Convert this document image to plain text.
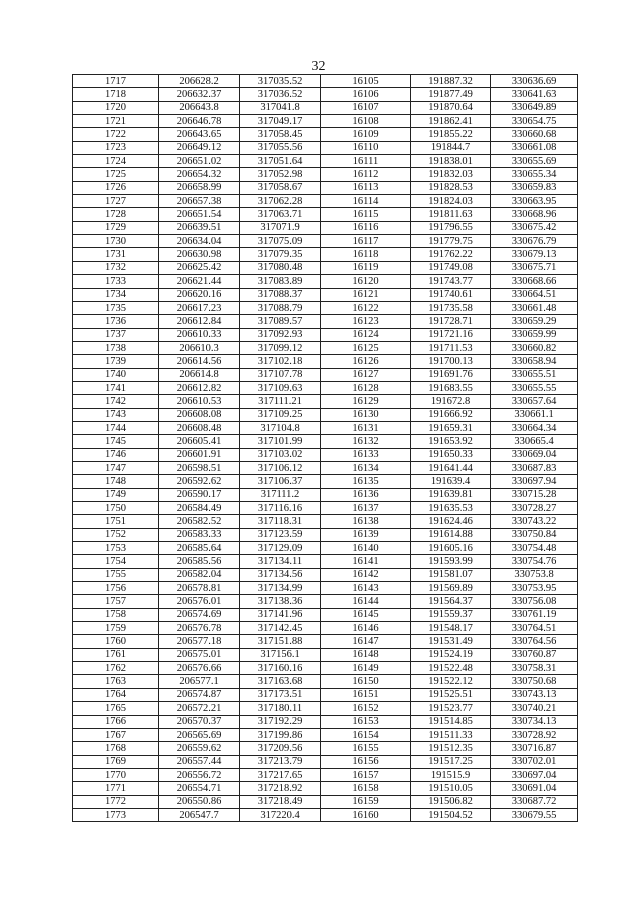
32
1717	206628.2	317035.52	16105	191887.32	330636.69
1718	206632.37	317036.52	16106	191877.49	330641.63
1720	206643.8	317041.8	16107	191870.64	330649.89
1721	206646.78	317049.17	16108	191862.41	330654.75
1722	206643.65	317058.45	16109	191855.22	330660.68
1723	206649.12	317055.56	16110	191844.7	330661.08
1724	206651.02	317051.64	16111	191838.01	330655.69
1725	206654.32	317052.98	16112	191832.03	330655.34
1726	206658.99	317058.67	16113	191828.53	330659.83
1727	206657.38	317062.28	16114	191824.03	330663.95
1728	206651.54	317063.71	16115	191811.63	330668.96
1729	206639.51	317071.9	16116	191796.55	330675.42
1730	206634.04	317075.09	16117	191779.75	330676.79
1731	206630.98	317079.35	16118	191762.22	330679.13
1732	206625.42	317080.48	16119	191749.08	330675.71
1733	206621.44	317083.89	16120	191743.77	330668.66
1734	206620.16	317088.37	16121	191740.61	330664.51
1735	206617.23	317088.79	16122	191735.58	330661.48
1736	206612.84	317089.57	16123	191728.71	330659.29
1737	206610.33	317092.93	16124	191721.16	330659.99
1738	206610.3	317099.12	16125	191711.53	330660.82
1739	206614.56	317102.18	16126	191700.13	330658.94
1740	206614.8	317107.78	16127	191691.76	330655.51
1741	206612.82	317109.63	16128	191683.55	330655.55
1742	206610.53	317111.21	16129	191672.8	330657.64
1743	206608.08	317109.25	16130	191666.92	330661.1
1744	206608.48	317104.8	16131	191659.31	330664.34
1745	206605.41	317101.99	16132	191653.92	330665.4
1746	206601.91	317103.02	16133	191650.33	330669.04
1747	206598.51	317106.12	16134	191641.44	330687.83
1748	206592.62	317106.37	16135	191639.4	330697.94
1749	206590.17	317111.2	16136	191639.81	330715.28
1750	206584.49	317116.16	16137	191635.53	330728.27
1751	206582.52	317118.31	16138	191624.46	330743.22
1752	206583.33	317123.59	16139	191614.88	330750.84
1753	206585.64	317129.09	16140	191605.16	330754.48
1754	206585.56	317134.11	16141	191593.99	330754.76
1755	206582.04	317134.56	16142	191581.07	330753.8
1756	206578.81	317134.99	16143	191569.89	330753.95
1757	206576.01	317138.36	16144	191564.37	330756.08
1758	206574.69	317141.96	16145	191559.37	330761.19
1759	206576.78	317142.45	16146	191548.17	330764.51
1760	206577.18	317151.88	16147	191531.49	330764.56
1761	206575.01	317156.1	16148	191524.19	330760.87
1762	206576.66	317160.16	16149	191522.48	330758.31
1763	206577.1	317163.68	16150	191522.12	330750.68
1764	206574.87	317173.51	16151	191525.51	330743.13
1765	206572.21	317180.11	16152	191523.77	330740.21
1766	206570.37	317192.29	16153	191514.85	330734.13
1767	206565.69	317199.86	16154	191511.33	330728.92
1768	206559.62	317209.56	16155	191512.35	330716.87
1769	206557.44	317213.79	16156	191517.25	330702.01
1770	206556.72	317217.65	16157	191515.9	330697.04
1771	206554.71	317218.92	16158	191510.05	330691.04
1772	206550.86	317218.49	16159	191506.82	330687.72
1773	206547.7	317220.4	16160	191504.52	330679.55
